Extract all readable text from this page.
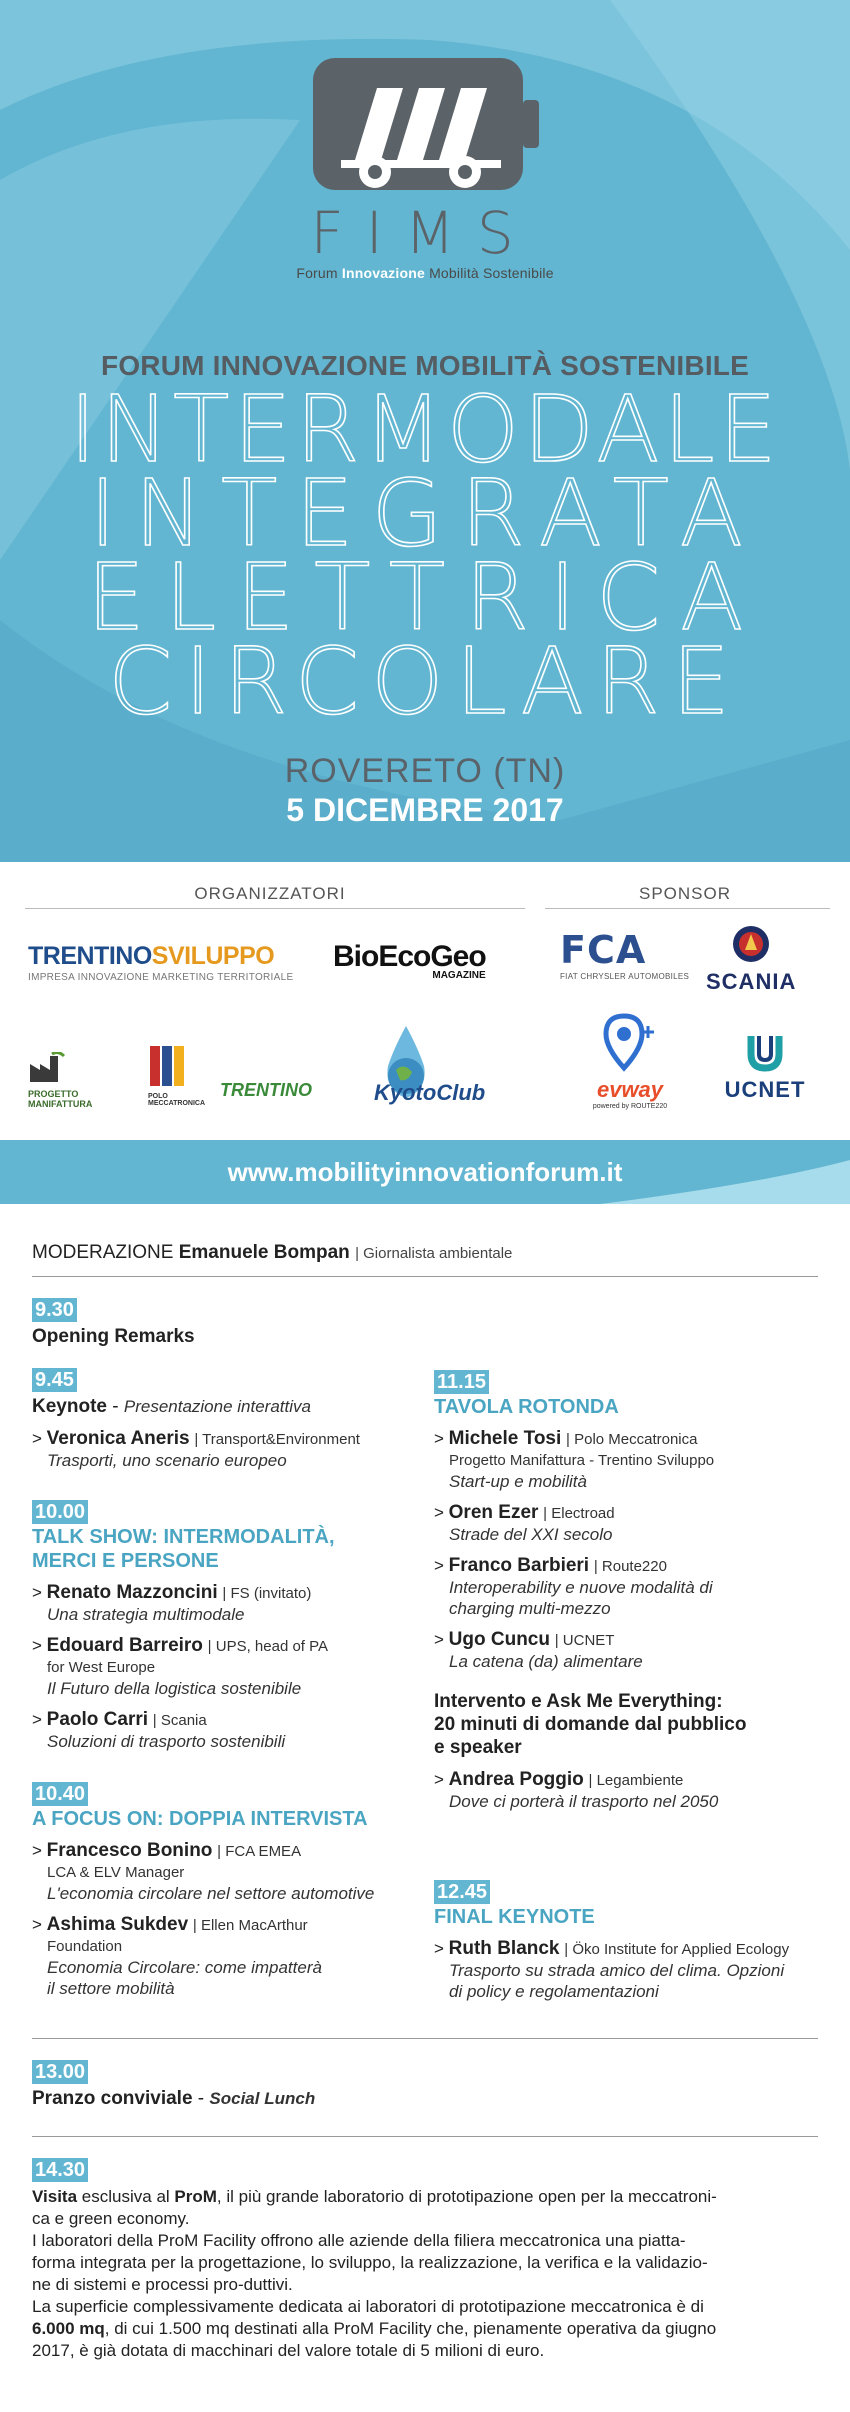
FIMS
Forum Innovazione Mobilità Sostenibile
FORUM INNOVAZIONE MOBILITÀ SOSTENIBILE
INTERMODALE
INTEGRATA
ELETTRICA
CIRCOLARE
ROVERETO (TN)
5 DICEMBRE 2017
ORGANIZZATORI	SPONSOR
TRENTINOSVILUPPO
IMPRESA INNOVAZIONE MARKETING TERRITORIALE
BioEcoGeo
MAGAZINE
FCA
FIAT CHRYSLER AUTOMOBILES SCANIA
PROGETTO MANIFATTURA
POLO MECCATRONICA
TRENTINO	KyotoClub	evway
powered by ROUTE220
UCNET
www.mobilityinnovationforum.it
MODERAZIONE Emanuele Bompan | Giornalista ambientale
9.30
Opening Remarks
9.45
Keynote - Presentazione interattiva
> Veronica Aneris | Transport&Environment
Trasporti, uno scenario europeo
10.00
TALK SHOW: INTERMODALITÀ,
MERCI E PERSONE
> Renato Mazzoncini | FS (invitato)
Una strategia multimodale
> Edouard Barreiro | UPS, head of PA
for West Europe
Il Futuro della logistica sostenibile
> Paolo Carri | Scania
Soluzioni di trasporto sostenibili
10.40
A FOCUS ON: DOPPIA INTERVISTA
> Francesco Bonino | FCA EMEA
LCA & ELV Manager
L'economia circolare nel settore automotive
> Ashima Sukdev | Ellen MacArthur
Foundation
Economia Circolare: come impatterà
il settore mobilità
11.15
TAVOLA ROTONDA
> Michele Tosi | Polo Meccatronica
Progetto Manifattura - Trentino Sviluppo
Start-up e mobilità
> Oren Ezer | Electroad
Strade del XXI secolo
> Franco Barbieri | Route220
Interoperability e nuove modalità di
charging multi-mezzo
> Ugo Cuncu | UCNET
La catena (da) alimentare
Intervento e Ask Me Everything:
20 minuti di domande dal pubblico
e speaker
> Andrea Poggio | Legambiente
Dove ci porterà il trasporto nel 2050
12.45
FINAL KEYNOTE
> Ruth Blanck | Öko Institute for Applied Ecology
Trasporto su strada amico del clima. Opzioni
di policy e regolamentazioni
13.00
Pranzo conviviale - Social Lunch
14.30
Visita esclusiva al ProM, il più grande laboratorio di prototipazione open per la meccatroni-
ca e green economy.
I laboratori della ProM Facility offrono alle aziende della filiera meccatronica una piatta-
forma integrata per la progettazione, lo sviluppo, la realizzazione, la verifica e la validazio-
ne di sistemi e processi pro-duttivi.
La superficie complessivamente dedicata ai laboratori di prototipazione meccatronica è di
6.000 mq, di cui 1.500 mq destinati alla ProM Facility che, pienamente operativa da giugno
2017, è già dotata di macchinari del valore totale di 5 milioni di euro.
